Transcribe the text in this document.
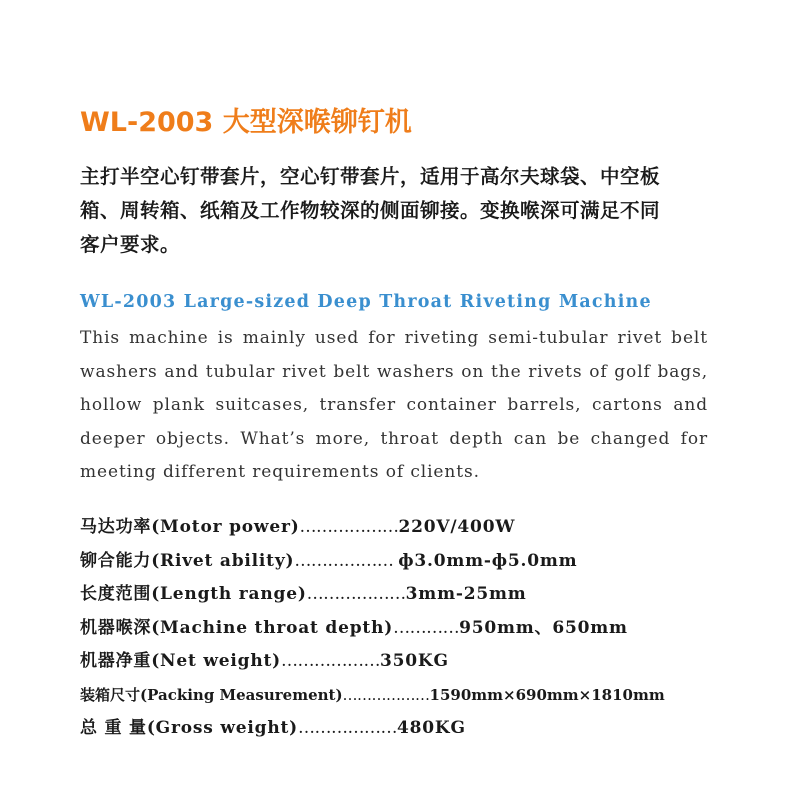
WL-2003 大型深喉铆钉机

主打半空心钉带套片，空心钉带套片，适用于高尔夫球袋、中空板
箱、周转箱、纸箱及工作物较深的侧面铆接。变换喉深可满足不同
客户要求。

WL-2003 Large-sized Deep Throat Riveting Machine

This machine is mainly used for riveting semi-tubular rivet belt
washers and tubular rivet belt washers on the rivets of golf bags,
hollow plank suitcases, transfer container barrels, cartons and
deeper objects. What’s more, throat depth can be changed for
meeting different requirements of clients.

马达功率(Motor power)………………220V/400W
铆合能力(Rivet ability)……………… ф3.0mm-ф5.0mm
长度范围(Length range)………………3mm-25mm
机器喉深(Machine throat depth)…………950mm、650mm
机器净重(Net weight)………………350KG
装箱尺寸(Packing Measurement)………………1590mm×690mm×1810mm
总 重 量(Gross weight)………………480KG
